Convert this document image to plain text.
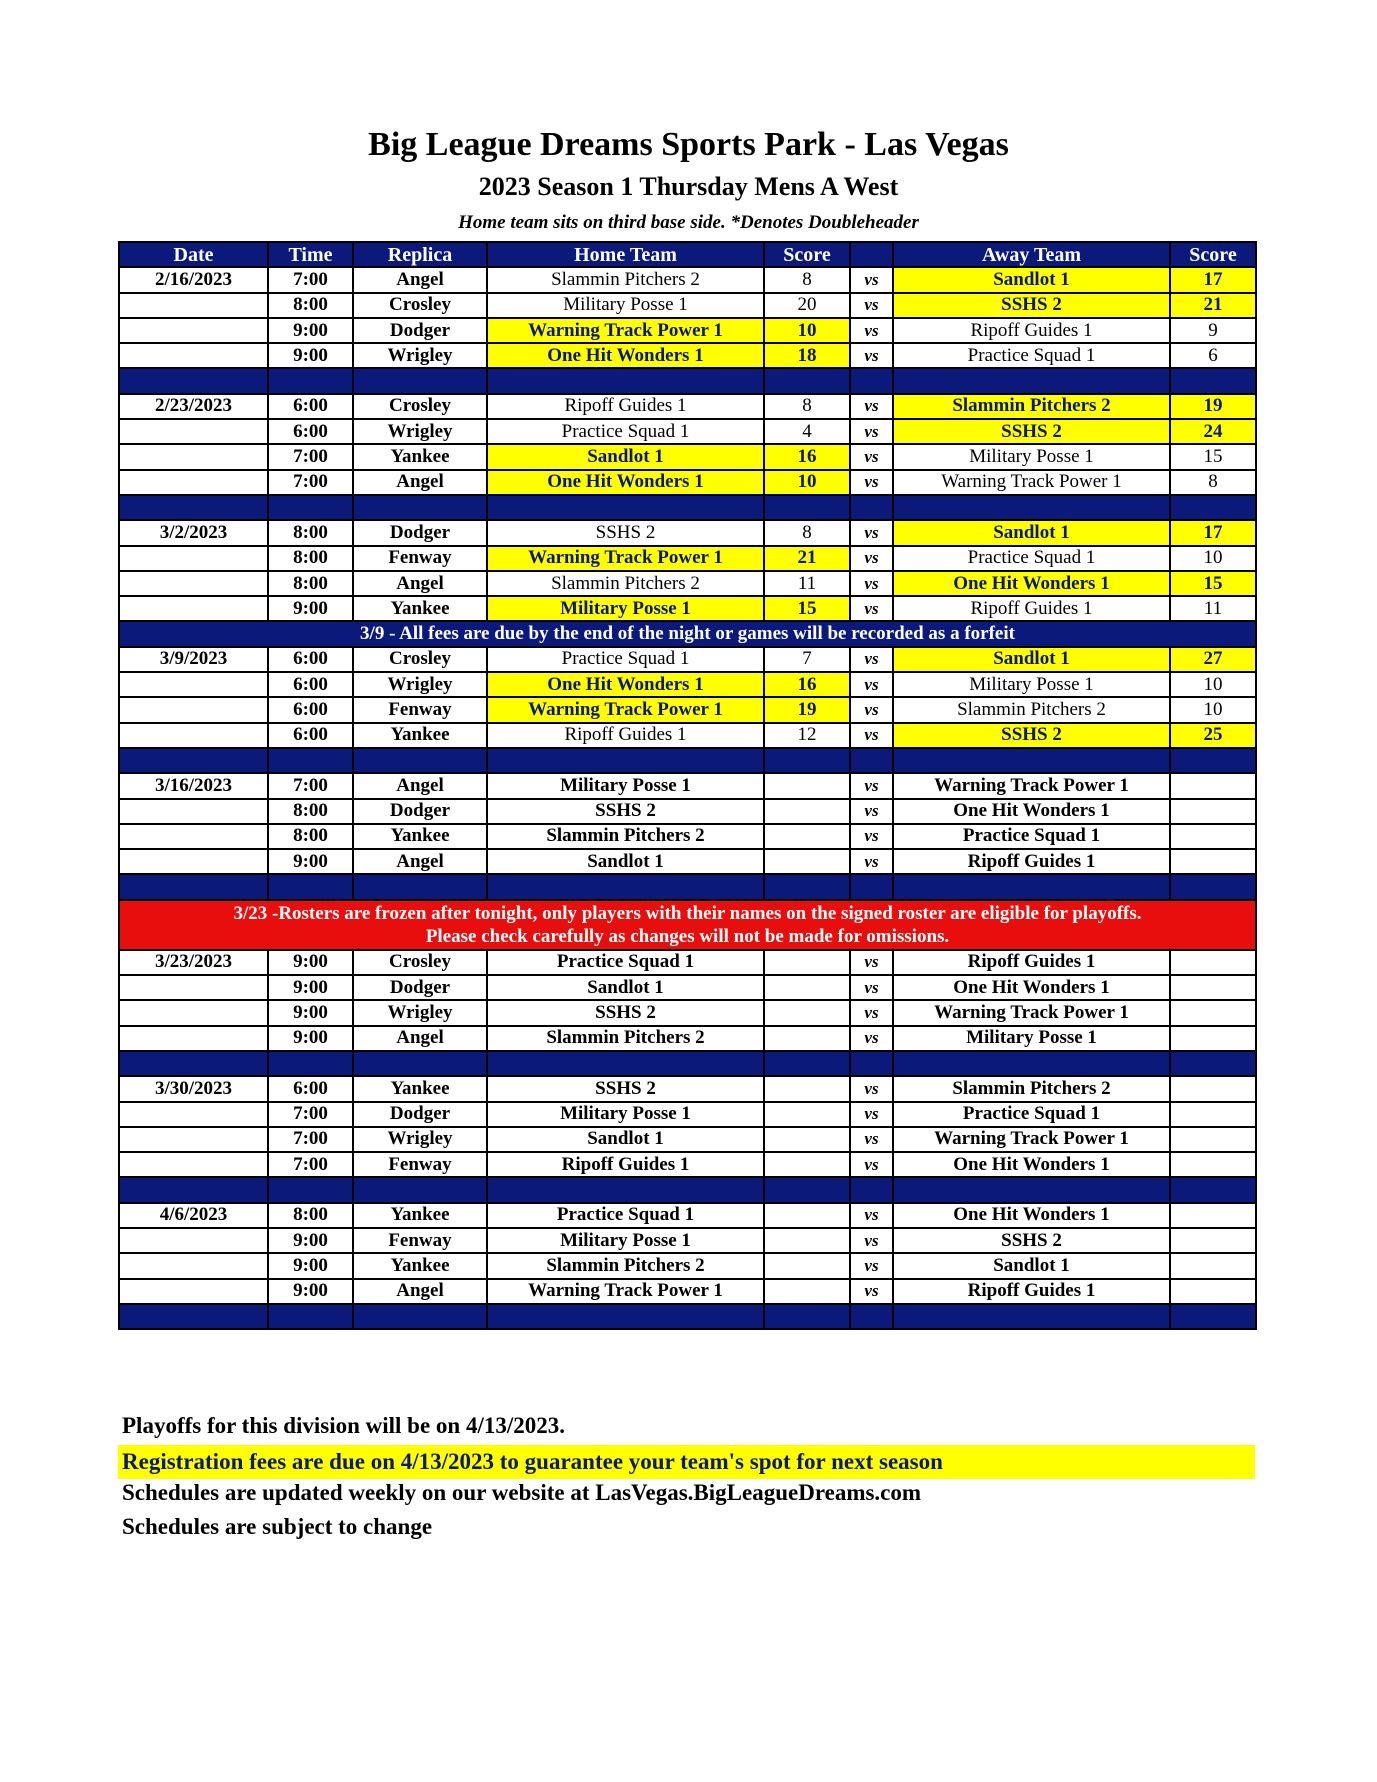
Big League Dreams Sports Park - Las Vegas
2023 Season 1 Thursday Mens A West
Home team sits on third base side. *Denotes Doubleheader
Date	Time	Replica	Home Team	Score		Away Team	Score
2/16/2023	7:00	Angel	Slammin Pitchers 2	8	vs	Sandlot 1	17
	8:00	Crosley	Military Posse 1	20	vs	SSHS 2	21
	9:00	Dodger	Warning Track Power 1	10	vs	Ripoff Guides 1	9
	9:00	Wrigley	One Hit Wonders 1	18	vs	Practice Squad 1	6

2/23/2023	6:00	Crosley	Ripoff Guides 1	8	vs	Slammin Pitchers 2	19
	6:00	Wrigley	Practice Squad 1	4	vs	SSHS 2	24
	7:00	Yankee	Sandlot 1	16	vs	Military Posse 1	15
	7:00	Angel	One Hit Wonders 1	10	vs	Warning Track Power 1	8

3/2/2023	8:00	Dodger	SSHS 2	8	vs	Sandlot 1	17
	8:00	Fenway	Warning Track Power 1	21	vs	Practice Squad 1	10
	8:00	Angel	Slammin Pitchers 2	11	vs	One Hit Wonders 1	15
	9:00	Yankee	Military Posse 1	15	vs	Ripoff Guides 1	11
3/9 - All fees are due by the end of the night or games will be recorded as a forfeit							
3/9/2023	6:00	Crosley	Practice Squad 1	7	vs	Sandlot 1	27
	6:00	Wrigley	One Hit Wonders 1	16	vs	Military Posse 1	10
	6:00	Fenway	Warning Track Power 1	19	vs	Slammin Pitchers 2	10
	6:00	Yankee	Ripoff Guides 1	12	vs	SSHS 2	25

3/16/2023	7:00	Angel	Military Posse 1		vs	Warning Track Power 1	
	8:00	Dodger	SSHS 2		vs	One Hit Wonders 1	
	8:00	Yankee	Slammin Pitchers 2		vs	Practice Squad 1	
	9:00	Angel	Sandlot 1		vs	Ripoff Guides 1	

3/23 -Rosters are frozen after tonight, only players with their names on the signed roster are eligible for playoffs.
Please check carefully as changes will not be made for omissions.							

3/23/2023	9:00	Crosley	Practice Squad 1		vs	Ripoff Guides 1	
	9:00	Dodger	Sandlot 1		vs	One Hit Wonders 1	
	9:00	Wrigley	SSHS 2		vs	Warning Track Power 1	
	9:00	Angel	Slammin Pitchers 2		vs	Military Posse 1	

3/30/2023	6:00	Yankee	SSHS 2		vs	Slammin Pitchers 2	
	7:00	Dodger	Military Posse 1		vs	Practice Squad 1	
	7:00	Wrigley	Sandlot 1		vs	Warning Track Power 1	
	7:00	Fenway	Ripoff Guides 1		vs	One Hit Wonders 1	

4/6/2023	8:00	Yankee	Practice Squad 1		vs	One Hit Wonders 1	
	9:00	Fenway	Military Posse 1		vs	SSHS 2	
	9:00	Yankee	Slammin Pitchers 2		vs	Sandlot 1	
	9:00	Angel	Warning Track Power 1		vs	Ripoff Guides 1	

Playoffs for this division will be on 4/13/2023.
Registration fees are due on 4/13/2023 to guarantee your team's spot for next season
Schedules are updated weekly on our website at LasVegas.BigLeagueDreams.com
Schedules are subject to change
